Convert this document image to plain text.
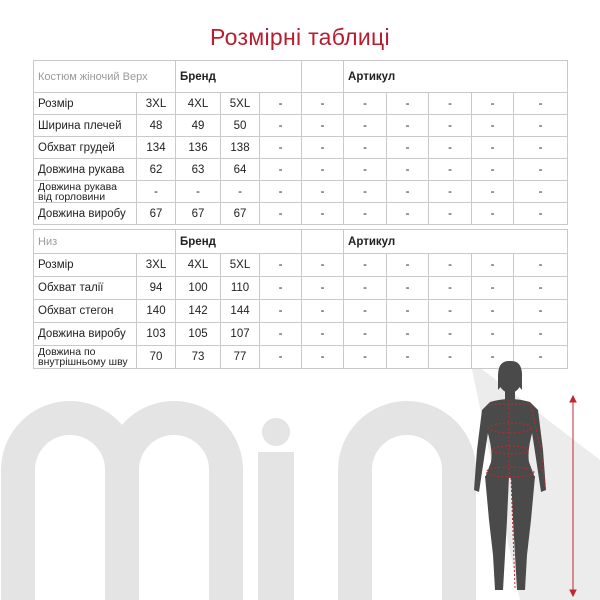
Розмірні таблиці
Костюм жіночий Верх		Бренд				Артикул				
Розмір	3XL	4XL	5XL	-	-	-	-	-	-	-
Ширина плечей	48	49	50	-	-	-	-	-	-	-
Обхват грудей	134	136	138	-	-	-	-	-	-	-
Довжина рукава	62	63	64	-	-	-	-	-	-	-
Довжина рукава від горловини	-	-	-	-	-	-	-	-	-	-
Довжина виробу	67	67	67	-	-	-	-	-	-	-
Низ		Бренд				Артикул				
Розмір	3XL	4XL	5XL	-	-	-	-	-	-	-
Обхват талії	94	100	110	-	-	-	-	-	-	-
Обхват стегон	140	142	144	-	-	-	-	-	-	-
Довжина виробу	103	105	107	-	-	-	-	-	-	-
Довжина по внутрішньому шву	70	73	77	-	-	-	-	-	-	-
